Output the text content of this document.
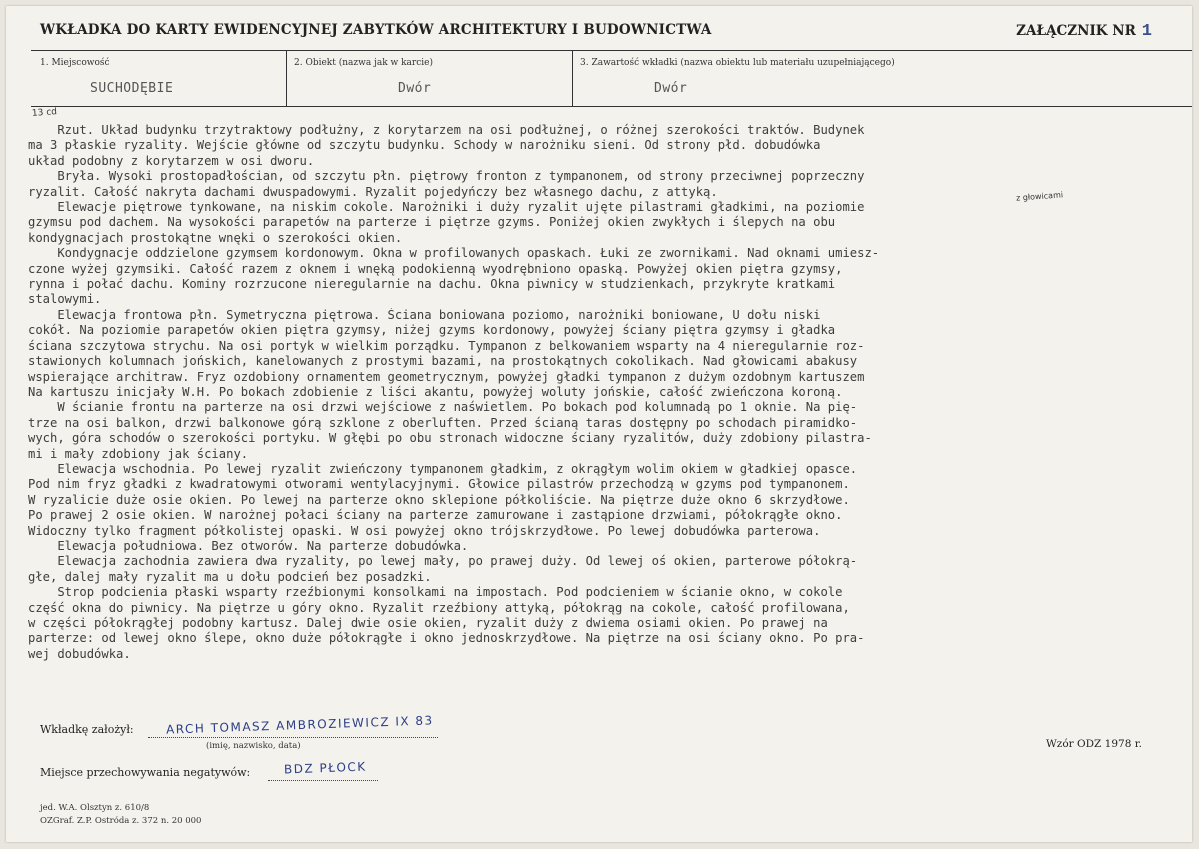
WKŁADKA DO KARTY EWIDENCYJNEJ ZABYTKÓW ARCHITEKTURY I BUDOWNICTWA	ZAŁĄCZNIK NR 1
1. Miejscowość
SUCHODĘBIE
2. Obiekt (nazwa jak w karcie)
Dwór
3. Zawartość wkładki (nazwa obiektu lub materiału uzupełniającego)
Dwór
13 cd
z głowicami
Rzut. Układ budynku trzytraktowy podłużny, z korytarzem na osi podłużnej, o różnej szerokości traktów. Budynek
ma 3 płaskie ryzality. Wejście główne od szczytu budynku. Schody w narożniku sieni. Od strony płd. dobudówka
układ podobny z korytarzem w osi dworu.
Bryła. Wysoki prostopadłościan, od szczytu płn. piętrowy fronton z tympanonem, od strony przeciwnej poprzeczny
ryzalit. Całość nakryta dachami dwuspadowymi. Ryzalit pojedyńczy bez własnego dachu, z attyką.
Elewacje piętrowe tynkowane, na niskim cokole. Narożniki i duży ryzalit ujęte pilastrami gładkimi, na poziomie
gzymsu pod dachem. Na wysokości parapetów na parterze i piętrze gzyms. Poniżej okien zwykłych i ślepych na obu
kondygnacjach prostokątne wnęki o szerokości okien.
Kondygnacje oddzielone gzymsem kordonowym. Okna w profilowanych opaskach. Łuki ze zwornikami. Nad oknami umiesz-
czone wyżej gzymsiki. Całość razem z oknem i wnęką podokienną wyodrębniono opaską. Powyżej okien piętra gzymsy,
rynna i połać dachu. Kominy rozrzucone nieregularnie na dachu. Okna piwnicy w studzienkach, przykryte kratkami
stalowymi.
Elewacja frontowa płn. Symetryczna piętrowa. Ściana boniowana poziomo, narożniki boniowane, U dołu niski
cokół. Na poziomie parapetów okien piętra gzymsy, niżej gzyms kordonowy, powyżej ściany piętra gzymsy i gładka
ściana szczytowa strychu. Na osi portyk w wielkim porządku. Tympanon z belkowaniem wsparty na 4 nieregularnie roz-
stawionych kolumnach jońskich, kanelowanych z prostymi bazami, na prostokątnych cokolikach. Nad głowicami abakusy
wspierające architraw. Fryz ozdobiony ornamentem geometrycznym, powyżej gładki tympanon z dużym ozdobnym kartuszem
Na kartuszu inicjały W.H. Po bokach zdobienie z liści akantu, powyżej woluty jońskie, całość zwieńczona koroną.
W ścianie frontu na parterze na osi drzwi wejściowe z naświetlem. Po bokach pod kolumnadą po 1 oknie. Na pię-
trze na osi balkon, drzwi balkonowe górą szklone z oberluften. Przed ścianą taras dostępny po schodach piramidko-
wych, góra schodów o szerokości portyku. W głębi po obu stronach widoczne ściany ryzalitów, duży zdobiony pilastra-
mi i mały zdobiony jak ściany.
Elewacja wschodnia. Po lewej ryzalit zwieńczony tympanonem gładkim, z okrągłym wolim okiem w gładkiej opasce.
Pod nim fryz gładki z kwadratowymi otworami wentylacyjnymi. Głowice pilastrów przechodzą w gzyms pod tympanonem.
W ryzalicie duże osie okien. Po lewej na parterze okno sklepione półkoliście. Na piętrze duże okno 6 skrzydłowe.
Po prawej 2 osie okien. W narożnej połaci ściany na parterze zamurowane i zastąpione drzwiami, półokrągłe okno.
Widoczny tylko fragment półkolistej opaski. W osi powyżej okno trójskrzydłowe. Po lewej dobudówka parterowa.
Elewacja południowa. Bez otworów. Na parterze dobudówka.
Elewacja zachodnia zawiera dwa ryzality, po lewej mały, po prawej duży. Od lewej oś okien, parterowe półokrą-
głe, dalej mały ryzalit ma u dołu podcień bez posadzki.
Strop podcienia płaski wsparty rzeźbionymi konsolkami na impostach. Pod podcieniem w ścianie okno, w cokole
część okna do piwnicy. Na piętrze u góry okno. Ryzalit rzeźbiony attyką, półokrąg na cokole, całość profilowana,
w części półokrągłej podobny kartusz. Dalej dwie osie okien, ryzalit duży z dwiema osiami okien. Po prawej na
parterze: od lewej okno ślepe, okno duże półokrągłe i okno jednoskrzydłowe. Na piętrze na osi ściany okno. Po pra-
wej dobudówka.
Wkładkę założył:	ARCH TOMASZ AMBROZIEWICZ IX 83
(imię, nazwisko, data)	Wzór ODZ 1978 r.
Miejsce przechowywania negatywów:	BDZ PŁOCK
jed. W.A. Olsztyn z. 610/8
OZGraf. Z.P. Ostróda z. 372 n. 20 000
